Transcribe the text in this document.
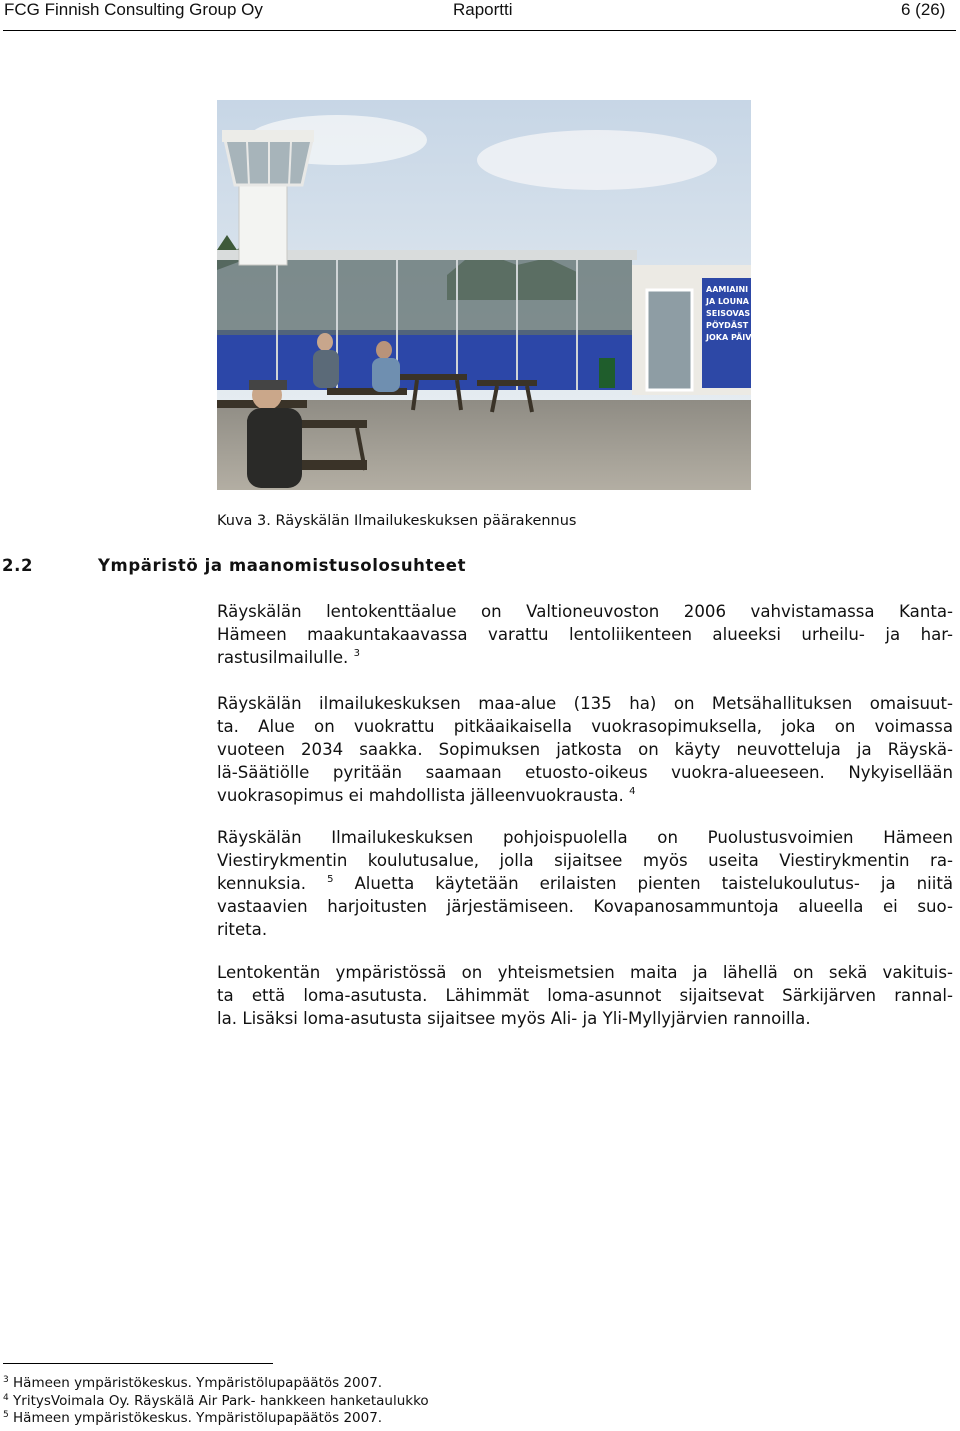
FCG Finnish Consulting Group Oy	Raportti	6 (26)
AAMIAINI
JA LOUNA
SEISOVAS
PÖYDÄST
JOKA PÄIV
Kuva 3. Räyskälän Ilmailukeskuksen päärakennus
2.2	Ympäristö ja maanomistusolosuhteet
Räyskälän lentokenttäalue on Valtioneuvoston 2006 vahvistamassa Kanta-
Hämeen maakuntakaavassa varattu lentoliikenteen alueeksi urheilu- ja har-
rastusilmailulle. $^3$
Räyskälän ilmailukeskuksen maa-alue (135 ha) on Metsähallituksen omaisuut-
ta. Alue on vuokrattu pitkäaikaisella vuokrasopimuksella, joka on voimassa
vuoteen 2034 saakka. Sopimuksen jatkosta on käyty neuvotteluja ja Räyskä-
lä-Säätiölle pyritään saamaan etuosto-oikeus vuokra-alueeseen. Nykyisellään
vuokrasopimus ei mahdollista jälleenvuokrausta. $^4$
Räyskälän Ilmailukeskuksen pohjoispuolella on Puolustusvoimien Hämeen
Viestirykmentin koulutusalue, jolla sijaitsee myös useita Viestirykmentin ra-
kennuksia. $^5$ Aluetta käytetään erilaisten pienten taistelukoulutus- ja niitä
vastaavien harjoitusten järjestämiseen. Kovapanosammuntoja alueella ei suo-
riteta.
Lentokentän ympäristössä on yhteismetsien maita ja lähellä on sekä vakituis-
ta että loma-asutusta. Lähimmät loma-asunnot sijaitsevat Särkijärven rannal-
la. Lisäksi loma-asutusta sijaitsee myös Ali- ja Yli-Myllyjärvien rannoilla.
$^3$ Hämeen ympäristökeskus. Ympäristölupapäätös 2007.
$^4$ YritysVoimala Oy. Räyskälä Air Park- hankkeen hanketaulukko
$^5$ Hämeen ympäristökeskus. Ympäristölupapäätös 2007.
